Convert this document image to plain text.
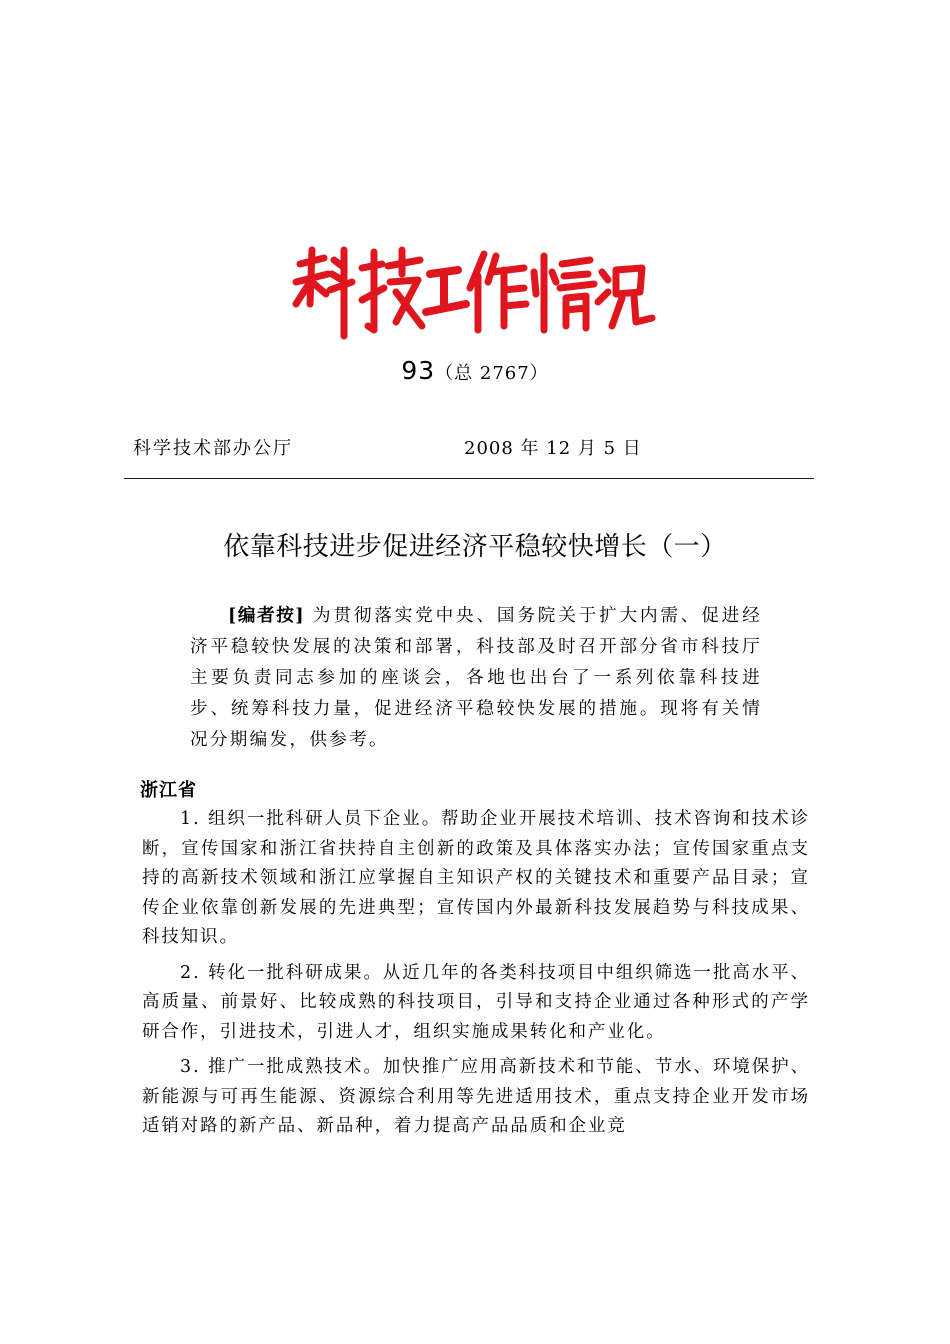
93（总 2767）
科学技术部办公厅	2008 年 12 月 5 日
依靠科技进步促进经济平稳较快增长（一）

[编者按] 为贯彻落实党中央、国务院关于扩大内需、促进经济平稳较快发展的决策和部署，科技部及时召开部分省市科技厅主要负责同志参加的座谈会，各地也出台了一系列依靠科技进步、统筹科技力量，促进经济平稳较快发展的措施。现将有关情况分期编发，供参考。

浙江省

1. 组织一批科研人员下企业。帮助企业开展技术培训、技术咨询和技术诊断，宣传国家和浙江省扶持自主创新的政策及具体落实办法；宣传国家重点支持的高新技术领域和浙江应掌握自主知识产权的关键技术和重要产品目录；宣传企业依靠创新发展的先进典型；宣传国内外最新科技发展趋势与科技成果、科技知识。

2. 转化一批科研成果。从近几年的各类科技项目中组织筛选一批高水平、高质量、前景好、比较成熟的科技项目，引导和支持企业通过各种形式的产学研合作，引进技术，引进人才，组织实施成果转化和产业化。

3. 推广一批成熟技术。加快推广应用高新技术和节能、节水、环境保护、新能源与可再生能源、资源综合利用等先进适用技术，重点支持企业开发市场适销对路的新产品、新品种，着力提高产品品质和企业竞
